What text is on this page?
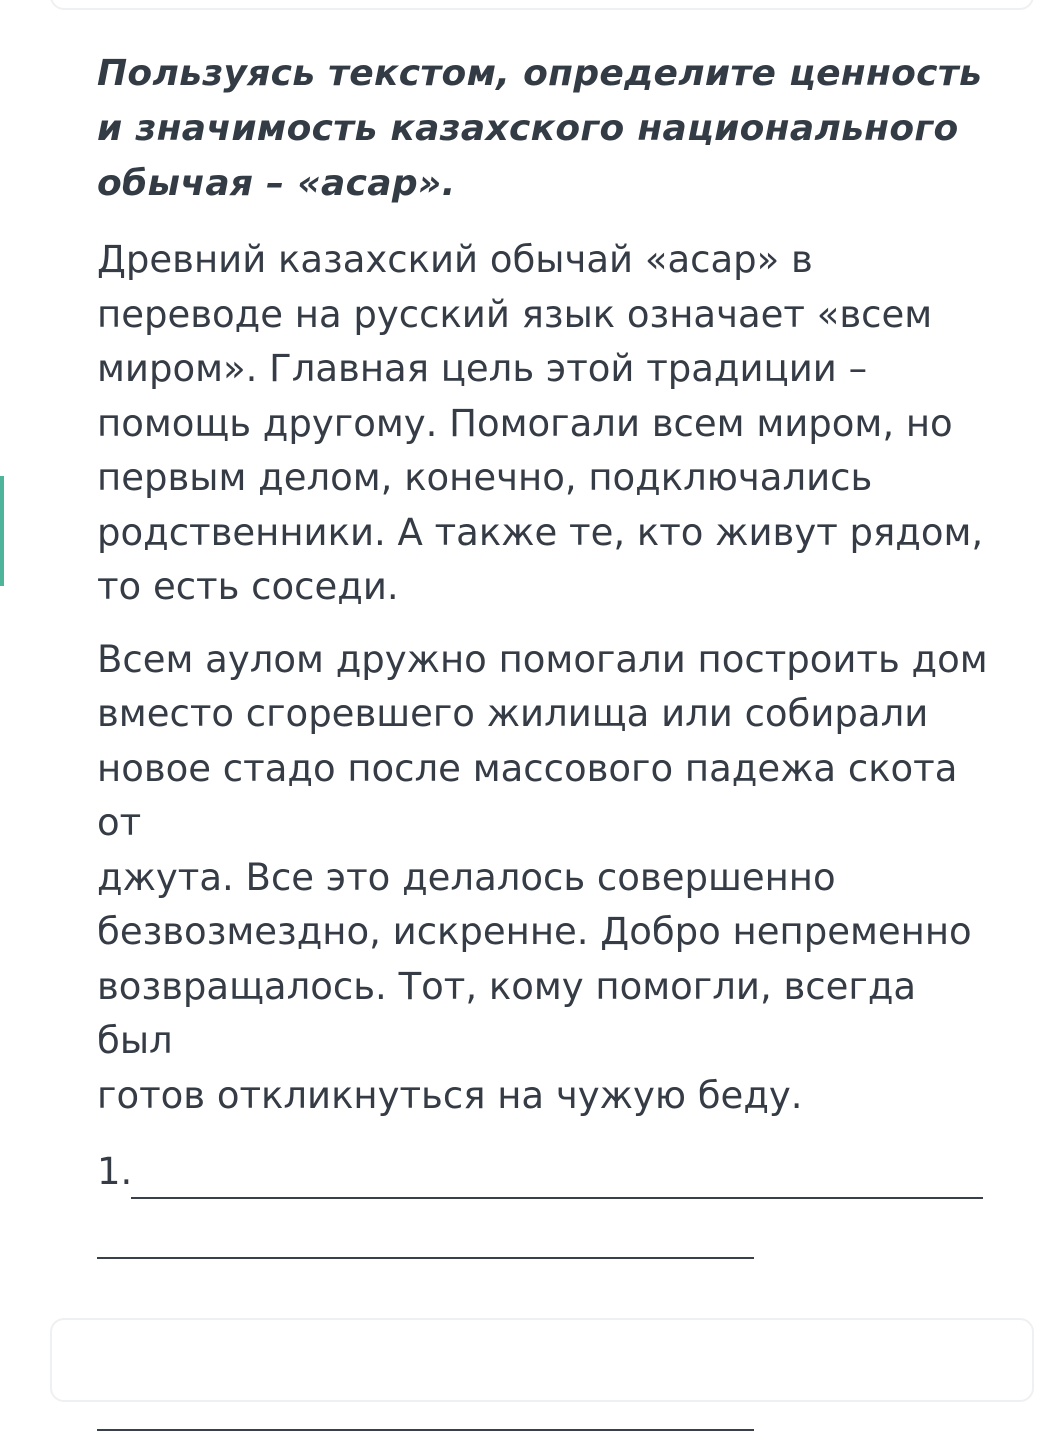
Пользуясь текстом, определите ценность
и значимость казахского национального
обычая – «асар».

Древний казахский обычай «асар» в
переводе на русский язык означает «всем
миром». Главная цель этой традиции –
помощь другому. Помогали всем миром, но
первым делом, конечно, подключались
родственники. А также те, кто живут рядом,
то есть соседи.

Всем аулом дружно помогали построить дом
вместо сгоревшего жилища или собирали
новое стадо после массового падежа скота от
джута. Все это делалось совершенно
безвозмездно, искренне. Добро непременно
возвращалось. Тот, кому помогли, всегда был
готов откликнуться на чужую беду.

1.
